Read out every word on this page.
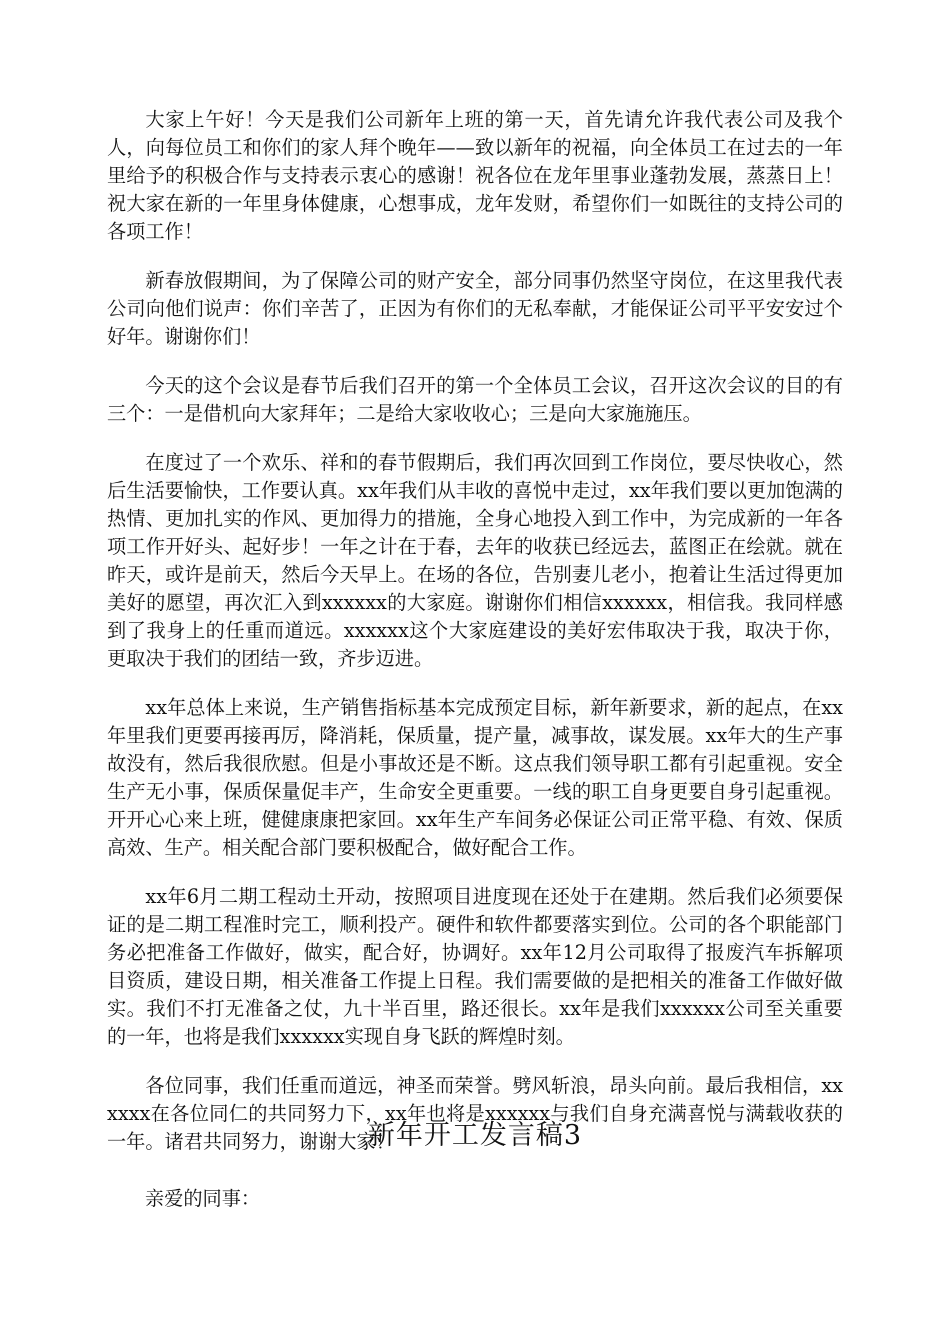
大家上午好！今天是我们公司新年上班的第一天，首先请允许我代表公司及我个人，向每位员工和你们的家人拜个晚年——致以新年的祝福，向全体员工在过去的一年里给予的积极合作与支持表示衷心的感谢！祝各位在龙年里事业蓬勃发展，蒸蒸日上！祝大家在新的一年里身体健康，心想事成，龙年发财，希望你们一如既往的支持公司的各项工作！

新春放假期间，为了保障公司的财产安全，部分同事仍然坚守岗位，在这里我代表公司向他们说声：你们辛苦了，正因为有你们的无私奉献，才能保证公司平平安安过个好年。谢谢你们！

今天的这个会议是春节后我们召开的第一个全体员工会议，召开这次会议的目的有三个：一是借机向大家拜年；二是给大家收收心；三是向大家施施压。

在度过了一个欢乐、祥和的春节假期后，我们再次回到工作岗位，要尽快收心，然后生活要愉快，工作要认真。xx年我们从丰收的喜悦中走过，xx年我们要以更加饱满的热情、更加扎实的作风、更加得力的措施，全身心地投入到工作中，为完成新的一年各项工作开好头、起好步！一年之计在于春，去年的收获已经远去，蓝图正在绘就。就在昨天，或许是前天，然后今天早上。在场的各位，告别妻儿老小，抱着让生活过得更加美好的愿望，再次汇入到xxxxxx的大家庭。谢谢你们相信xxxxxx，相信我。我同样感到了我身上的任重而道远。xxxxxx这个大家庭建设的美好宏伟取决于我，取决于你，更取决于我们的团结一致，齐步迈进。

xx年总体上来说，生产销售指标基本完成预定目标，新年新要求，新的起点，在xx年里我们更要再接再厉，降消耗，保质量，提产量，减事故，谋发展。xx年大的生产事故没有，然后我很欣慰。但是小事故还是不断。这点我们领导职工都有引起重视。安全生产无小事，保质保量促丰产，生命安全更重要。一线的职工自身更要自身引起重视。开开心心来上班，健健康康把家回。xx年生产车间务必保证公司正常平稳、有效、保质高效、生产。相关配合部门要积极配合，做好配合工作。

xx年6月二期工程动土开动，按照项目进度现在还处于在建期。然后我们必须要保证的是二期工程准时完工，顺利投产。硬件和软件都要落实到位。公司的各个职能部门务必把准备工作做好，做实，配合好，协调好。xx年12月公司取得了报废汽车拆解项目资质，建设日期，相关准备工作提上日程。我们需要做的是把相关的准备工作做好做实。我们不打无准备之仗，九十半百里，路还很长。xx年是我们xxxxxx公司至关重要的一年，也将是我们xxxxxx实现自身飞跃的辉煌时刻。

各位同事，我们任重而道远，神圣而荣誉。劈风斩浪，昂头向前。最后我相信，xxxxxx在各位同仁的共同努力下，xx年也将是xxxxxx与我们自身充满喜悦与满载收获的一年。诸君共同努力，谢谢大家！

新年开工发言稿3

亲爱的同事：
